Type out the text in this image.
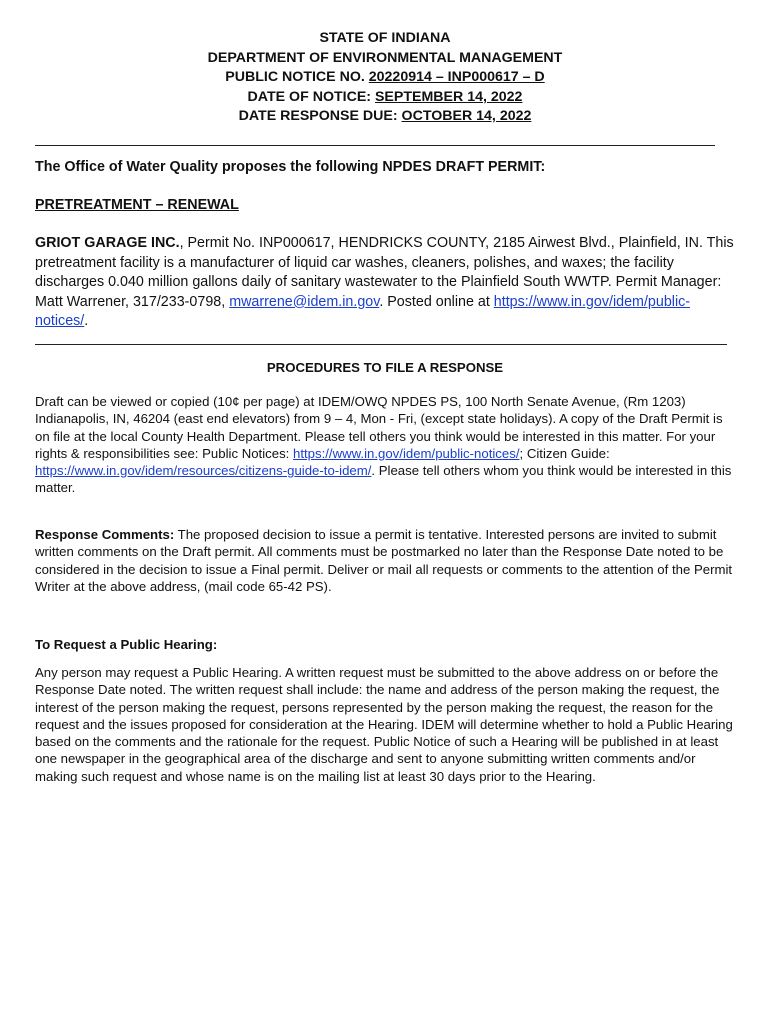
STATE OF INDIANA
DEPARTMENT OF ENVIRONMENTAL MANAGEMENT
PUBLIC NOTICE NO. 20220914 – INP000617 – D
DATE OF NOTICE: SEPTEMBER 14, 2022
DATE RESPONSE DUE: OCTOBER 14, 2022
The Office of Water Quality proposes the following NPDES DRAFT PERMIT:
PRETREATMENT – RENEWAL
GRIOT GARAGE INC., Permit No. INP000617, HENDRICKS COUNTY, 2185 Airwest Blvd., Plainfield, IN. This pretreatment facility is a manufacturer of liquid car washes, cleaners, polishes, and waxes; the facility discharges 0.040 million gallons daily of sanitary wastewater to the Plainfield South WWTP. Permit Manager: Matt Warrener, 317/233-0798, mwarrene@idem.in.gov. Posted online at https://www.in.gov/idem/public-notices/.
PROCEDURES TO FILE A RESPONSE
Draft can be viewed or copied (10¢ per page) at IDEM/OWQ NPDES PS, 100 North Senate Avenue, (Rm 1203) Indianapolis, IN, 46204 (east end elevators) from 9 – 4, Mon - Fri, (except state holidays). A copy of the Draft Permit is on file at the local County Health Department. Please tell others you think would be interested in this matter. For your rights & responsibilities see: Public Notices: https://www.in.gov/idem/public-notices/; Citizen Guide: https://www.in.gov/idem/resources/citizens-guide-to-idem/. Please tell others whom you think would be interested in this matter.
Response Comments: The proposed decision to issue a permit is tentative. Interested persons are invited to submit written comments on the Draft permit. All comments must be postmarked no later than the Response Date noted to be considered in the decision to issue a Final permit. Deliver or mail all requests or comments to the attention of the Permit Writer at the above address, (mail code 65-42 PS).
To Request a Public Hearing:
Any person may request a Public Hearing. A written request must be submitted to the above address on or before the Response Date noted. The written request shall include: the name and address of the person making the request, the interest of the person making the request, persons represented by the person making the request, the reason for the request and the issues proposed for consideration at the Hearing. IDEM will determine whether to hold a Public Hearing based on the comments and the rationale for the request. Public Notice of such a Hearing will be published in at least one newspaper in the geographical area of the discharge and sent to anyone submitting written comments and/or making such request and whose name is on the mailing list at least 30 days prior to the Hearing.
